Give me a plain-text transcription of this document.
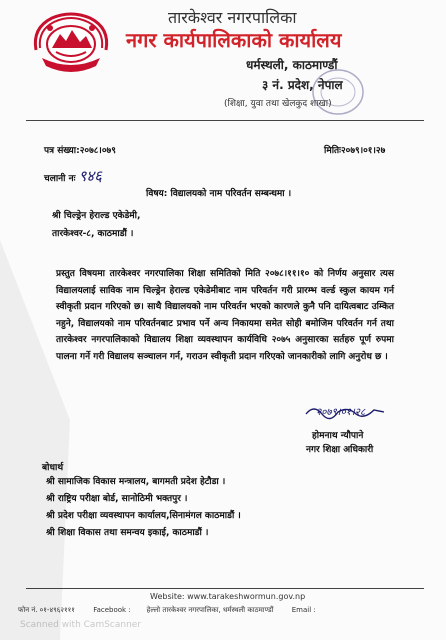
तारकेश्वर नगरपालिका
नगर कार्यपालिकाको कार्यालय
धर्मस्थली, काठमाण्डौं
३ नं. प्रदेश, नेपाल
(शिक्षा, युवा तथा खेलकुद शाखा)
पत्र संख्या:२०७८।०७९
चलानी नः ९४६
मितिः२०७९।०१।२७
विषय: विद्यालयको नाम परिवर्तन सम्बन्धमा ।
श्री चिल्ड्रेन हेराल्ड एकेडेमी,
तारकेश्वर-८, काठमाडौं ।

प्रस्तुत विषयमा तारकेश्वर नगरपालिका शिक्षा समितिको मिति २०७८।११।१० को निर्णय अनुसार त्यस विद्यालयलाई साविक नाम चिल्ड्रेन हेराल्ड एकेडेमीबाट नाम परिवर्तन गरी प्रारम्भ वर्ल्ड स्कुल कायम गर्न स्वीकृती प्रदान गरिएको छ। साथै विद्यालयको नाम परिवर्तन भएको कारणले कुनै पनि दायित्वबाट उम्कित नहुने, विद्यालयको नाम परिवर्तनबाट प्रभाव पर्ने अन्य निकायमा समेत सोही बमोजिम परिवर्तन गर्न तथा तारकेश्वर नगरपालिकाको विद्यालय शिक्षा व्यवस्थापन कार्यविधि २०७५ अनुसारका सर्तहरु पूर्ण रुपमा पालना गर्ने गरी विद्यालय सञ्चालन गर्न, गराउन स्वीकृती प्रदान गरिएको जानकारीको लागि अनुरोध छ ।

२०७९।०१।२८
होमनाथ न्यौपाने
नगर शिक्षा अधिकारी
बोधार्थ
श्री सामाजिक विकास मन्त्रालय, बागमती प्रदेश हेटौडा ।
श्री राष्ट्रिय परीक्षा बोर्ड, सानोठिमी भक्तपुर ।
श्री प्रदेश परीक्षा व्यवस्थापन कार्यालय,सिनामंगल काठमाडौं ।
श्री शिक्षा विकास तथा समन्वय इकाई, काठमाडौं ।
Website: www.tarakeshwormun.gov.np
फोन नं. ०१-४९६२१११	Facebook : हेल्लो तारकेश्वर नगरपालिका, धर्मस्थली काठमाण्डौं	Email :
Scanned with CamScanner
